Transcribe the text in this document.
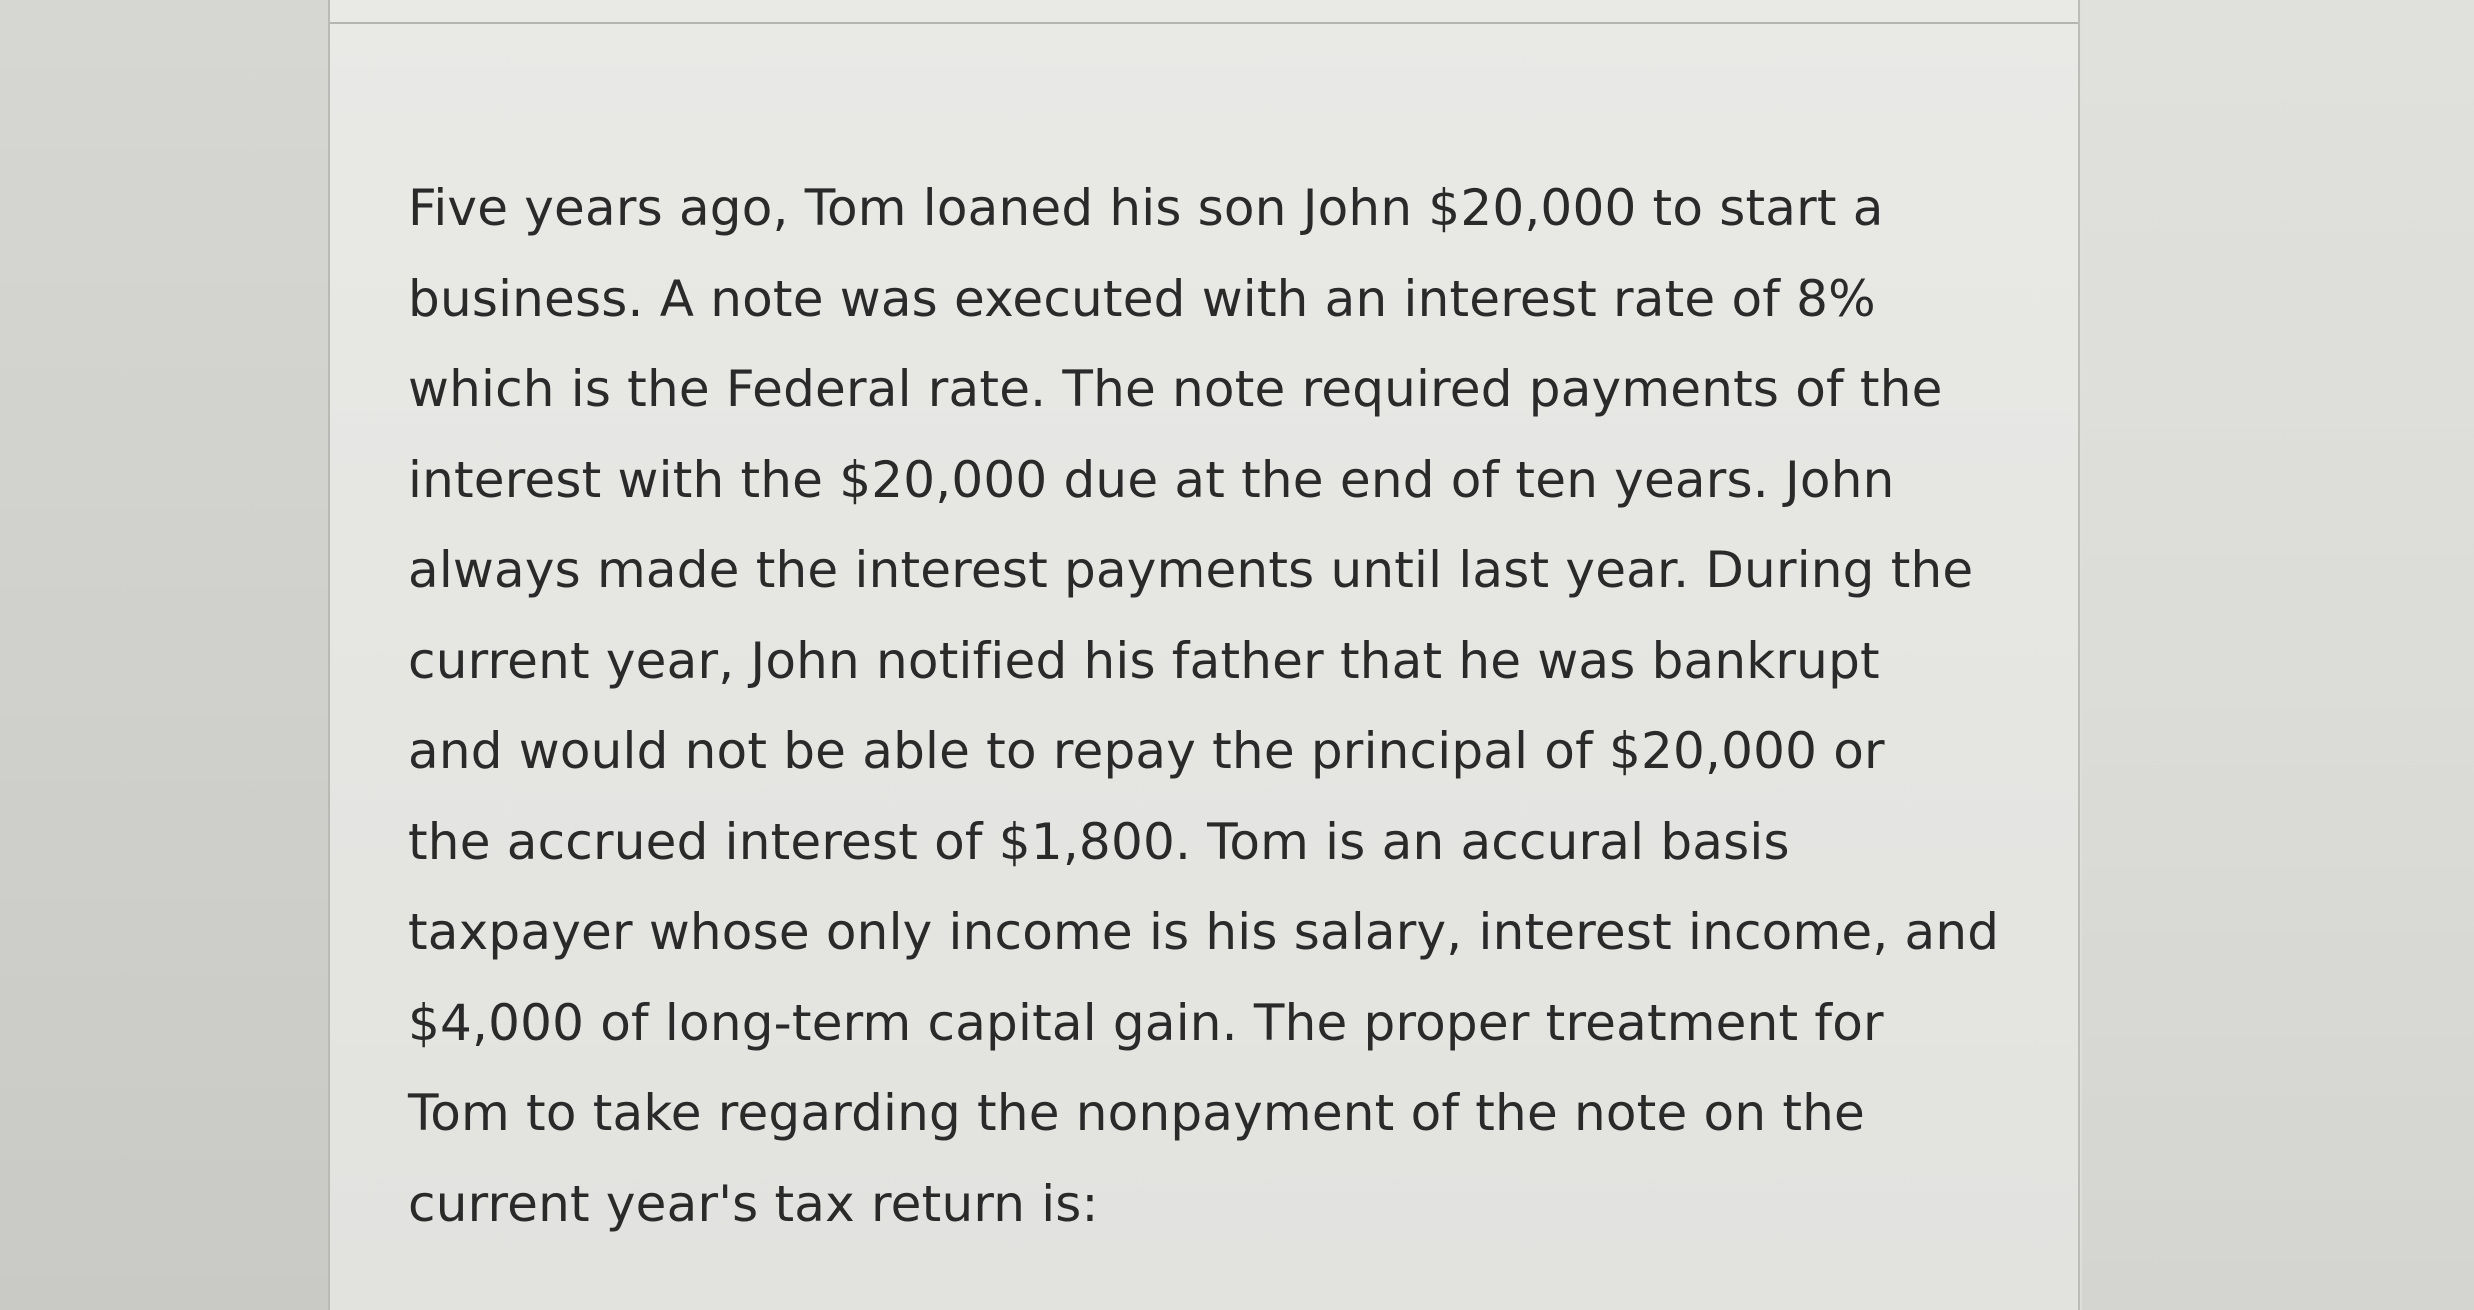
Five years ago, Tom loaned his son John $20,000 to start a
business. A note was executed with an interest rate of 8%
which is the Federal rate. The note required payments of the
interest with the $20,000 due at the end of ten years. John
always made the interest payments until last year. During the
current year, John notified his father that he was bankrupt
and would not be able to repay the principal of $20,000 or
the accrued interest of $1,800. Tom is an accural basis
taxpayer whose only income is his salary, interest income, and
$4,000 of long-term capital gain. The proper treatment for
Tom to take regarding the nonpayment of the note on the
current year's tax return is:
